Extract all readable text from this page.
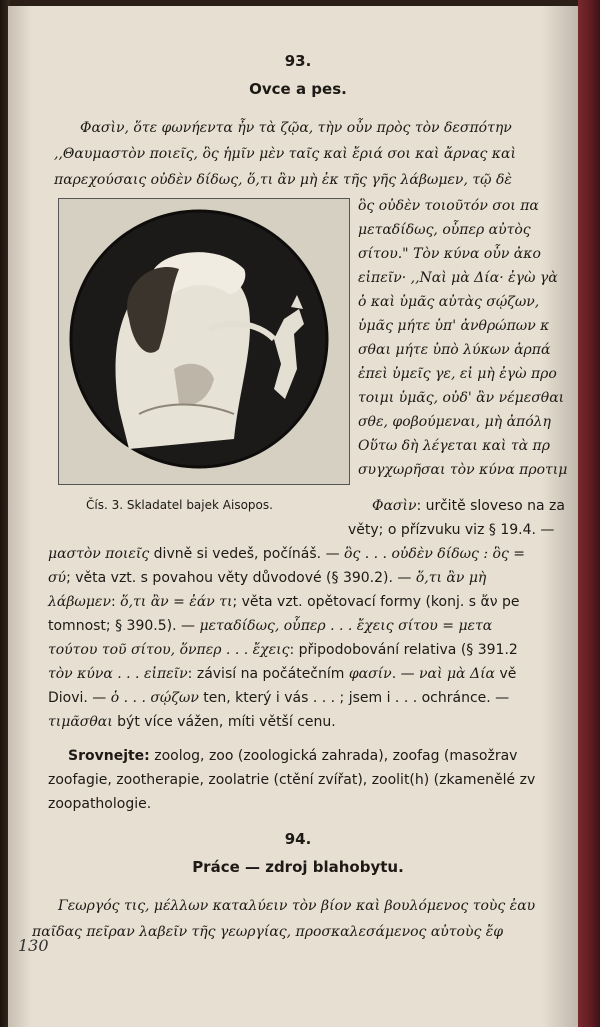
93.
Ovce a pes.
Φασὶν, ὅτε φωνήεντα ἦν τὰ ζῷα, τὴν οὖν πρὸς τὸν δεσπότην
,,Θαυμαστὸν ποιεῖς, ὃς ἡμῖν μὲν ταῖς καὶ ἔριά σοι καὶ ἄρνας καὶ
παρεχούσαις οὐδὲν δίδως, ὅ,τι ἂν μὴ ἐκ τῆς γῆς λάβωμεν, τῷ δὲ
ὃς οὐδὲν τοιοῦτόν σοι πα
μεταδίδως, οὗπερ αὐτὸς
σίτου." Τὸν κύνα οὖν ἀκο
εἰπεῖν· ,,Ναὶ μὰ Δία· ἐγὼ γὰ
ὁ καὶ ὑμᾶς αὐτὰς σῴζων,
ὑμᾶς μήτε ὑπ' ἀνθρώπων κ
σθαι μήτε ὑπὸ λύκων ἁρπά
ἐπεὶ ὑμεῖς γε, εἰ μὴ ἐγὼ προ
τοιμι ὑμᾶς, οὐδ' ἂν νέμεσθαι
σθε, φοβούμεναι, μὴ ἀπόλη
Οὕτω δὴ λέγεται καὶ τὰ πρ
συγχωρῆσαι τὸν κύνα προτιμ
Čís. 3. Skladatel bajek Aisopos.	Φασὶν: určitě sloveso na za
věty; o přízvuku viz § 19.4. —
μαστὸν ποιεῖς divně si vedeš, počínáš. — ὃς . . . οὐδὲν δίδως : ὃς =
σύ; věta vzt. s povahou věty důvodové (§ 390.2). — ὅ,τι ἂν μὴ
λάβωμεν: ὅ,τι ἂν = ἐάν τι; věta vzt. opětovací formy (konj. s ἄν pe
tomnost; § 390.5). — μεταδίδως, οὗπερ . . . ἔχεις σίτου = μετα
τούτου τοῦ σίτου, ὅνπερ . . . ἔχεις: připodobování relativa (§ 391.2
τὸν κύνα . . . εἰπεῖν: závisí na počátečním φασίν. — ναὶ μὰ Δία vě
Diovi. — ὁ . . . σῴζων ten, který i vás . . . ; jsem i . . . ochránce. —
τιμᾶσθαι být více vážen, míti větší cenu.
Srovnejte: zoolog, zoo (zoologická zahrada), zoofag (masožrav
zoofagie, zootherapie, zoolatrie (ctění zvířat), zoolit(h) (zkamenělé zv
zoopathologie.
94.
Práce — zdroj blahobytu.
Γεωργός τις, μέλλων καταλύειν τὸν βίον καὶ βουλόμενος τοὺς ἑαυ
παῖδας πεῖραν λαβεῖν τῆς γεωργίας, προσκαλεσάμενος αὐτοὺς ἔφ
130
